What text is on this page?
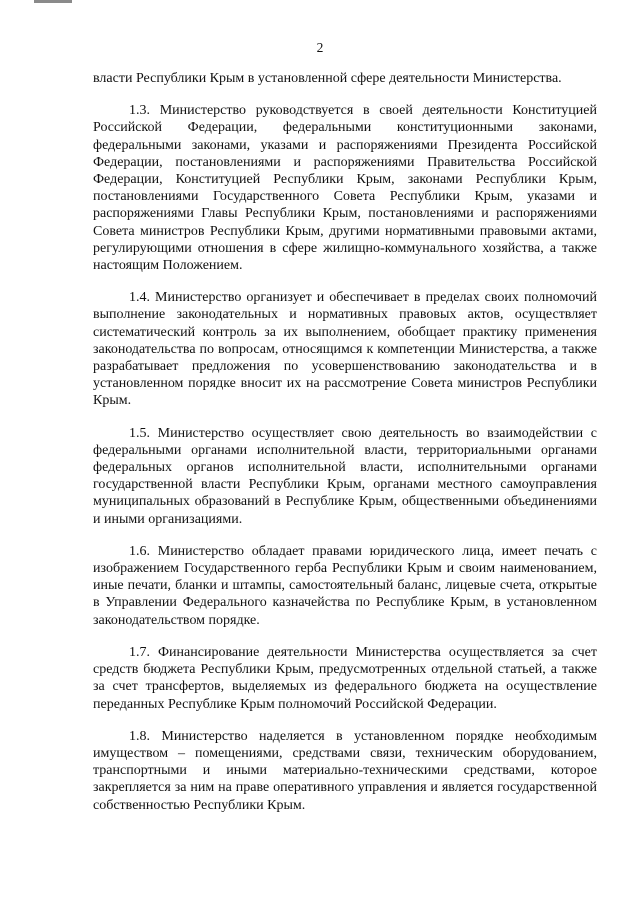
2

власти Республики Крым в установленной сфере деятельности Министерства.

1.3. Министерство руководствуется в своей деятельности Конституцией Российской Федерации, федеральными конституционными законами, федеральными законами, указами и распоряжениями Президента Российской Федерации, постановлениями и распоряжениями Правительства Российской Федерации, Конституцией Республики Крым, законами Республики Крым, постановлениями Государственного Совета Республики Крым, указами и распоряжениями Главы Республики Крым, постановлениями и распоряжениями Совета министров Республики Крым, другими нормативными правовыми актами, регулирующими отношения в сфере жилищно-коммунального хозяйства, а также настоящим Положением.

1.4. Министерство организует и обеспечивает в пределах своих полномочий выполнение законодательных и нормативных правовых актов, осуществляет систематический контроль за их выполнением, обобщает практику применения законодательства по вопросам, относящимся к компетенции Министерства, а также разрабатывает предложения по усовершенствованию законодательства и в установленном порядке вносит их на рассмотрение Совета министров Республики Крым.

1.5. Министерство осуществляет свою деятельность во взаимодействии с федеральными органами исполнительной власти, территориальными органами федеральных органов исполнительной власти, исполнительными органами государственной власти Республики Крым, органами местного самоуправления муниципальных образований в Республике Крым, общественными объединениями и иными организациями.

1.6. Министерство обладает правами юридического лица, имеет печать с изображением Государственного герба Республики Крым и своим наименованием, иные печати, бланки и штампы, самостоятельный баланс, лицевые счета, открытые в Управлении Федерального казначейства по Республике Крым, в установленном законодательством порядке.

1.7. Финансирование деятельности Министерства осуществляется за счет средств бюджета Республики Крым, предусмотренных отдельной статьей, а также за счет трансфертов, выделяемых из федерального бюджета на осуществление переданных Республике Крым полномочий Российской Федерации.

1.8. Министерство наделяется в установленном порядке необходимым имуществом – помещениями, средствами связи, техническим оборудованием, транспортными и иными материально-техническими средствами, которое закрепляется за ним на праве оперативного управления и является государственной собственностью Республики Крым.
